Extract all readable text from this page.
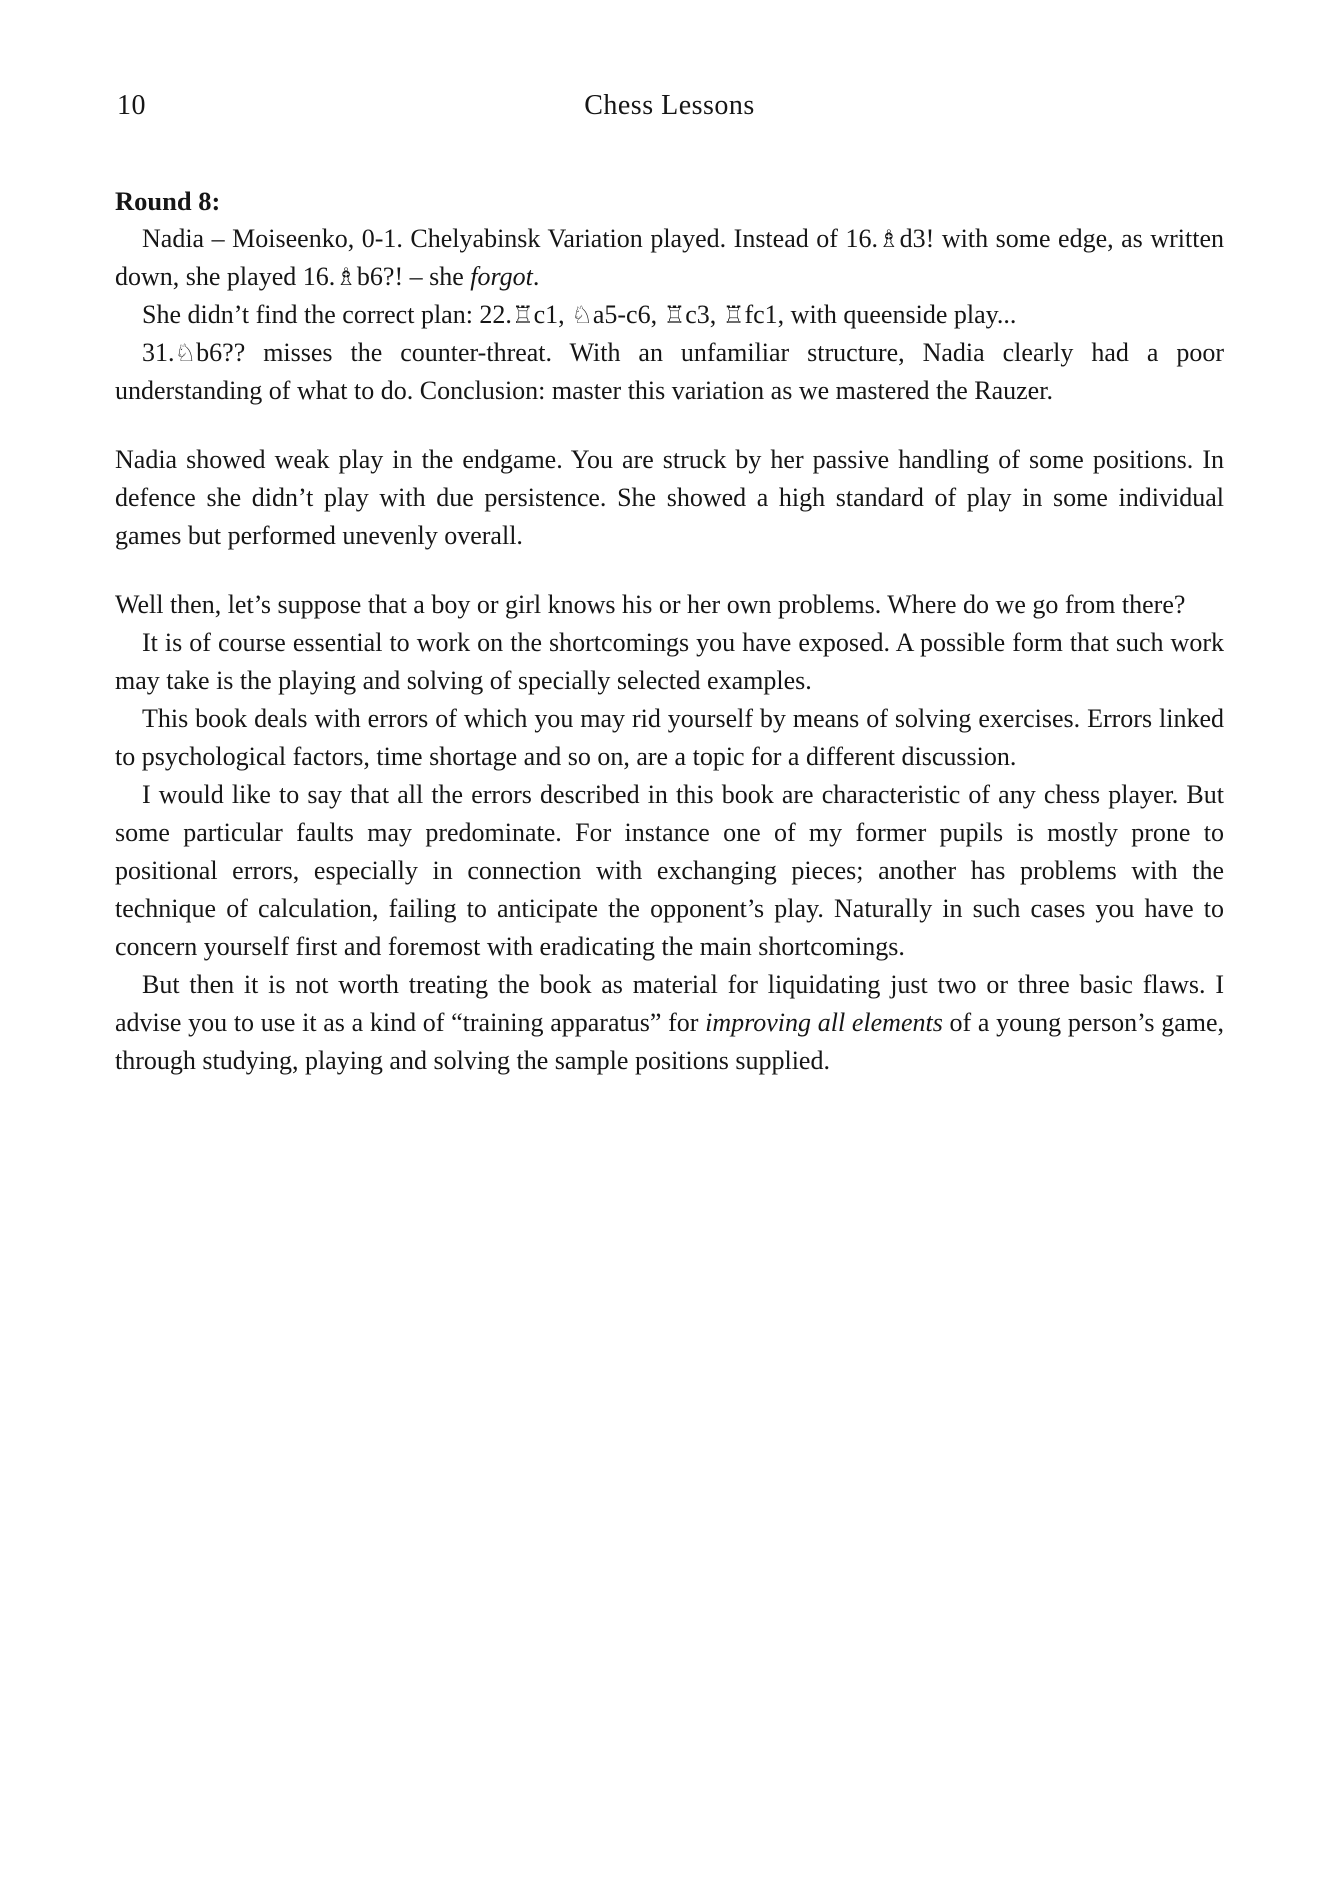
10	Chess Lessons

Round 8:

Nadia – Moiseenko, 0-1. Chelyabinsk Variation played. Instead of 16.♗d3! with some edge, as written down, she played 16.♗b6?! – she forgot.

She didn’t find the correct plan: 22.♖c1, ♘a5-c6, ♖c3, ♖fc1, with queenside play...

31.♘b6?? misses the counter-threat. With an unfamiliar structure, Nadia clearly had a poor understanding of what to do. Conclusion: master this variation as we mastered the Rauzer.

Nadia showed weak play in the endgame. You are struck by her passive handling of some positions. In defence she didn’t play with due persistence. She showed a high standard of play in some individual games but performed unevenly overall.

Well then, let’s suppose that a boy or girl knows his or her own problems. Where do we go from there?

It is of course essential to work on the shortcomings you have exposed. A possible form that such work may take is the playing and solving of specially selected examples.

This book deals with errors of which you may rid yourself by means of solving exercises. Errors linked to psychological factors, time shortage and so on, are a topic for a different discussion.

I would like to say that all the errors described in this book are characteristic of any chess player. But some particular faults may predominate. For instance one of my former pupils is mostly prone to positional errors, especially in connection with exchanging pieces; another has problems with the technique of calculation, failing to anticipate the opponent’s play. Naturally in such cases you have to concern yourself first and foremost with eradicating the main shortcomings.

But then it is not worth treating the book as material for liquidating just two or three basic flaws. I advise you to use it as a kind of “training apparatus” for improving all elements of a young person’s game, through studying, playing and solving the sample positions supplied.
